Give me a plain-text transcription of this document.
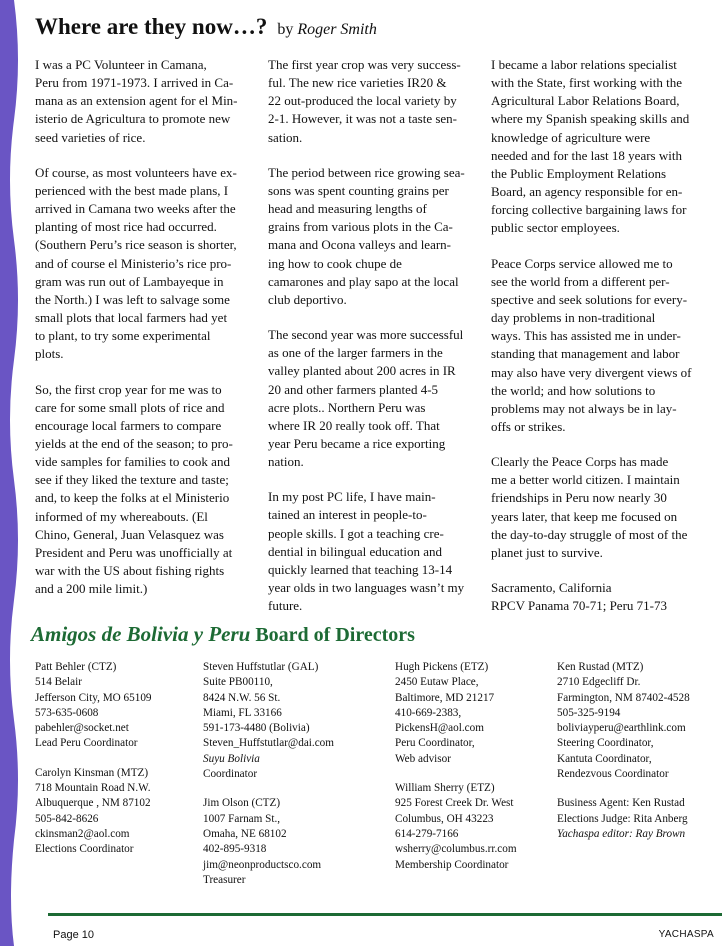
Where are they now…? by Roger Smith

I was a PC Volunteer in Camana,
Peru from 1971-1973. I arrived in Ca-
mana as an extension agent for el Min-
isterio de Agricultura to promote new
seed varieties of rice.

Of course, as most volunteers have ex-
perienced with the best made plans, I
arrived in Camana two weeks after the
planting of most rice had occurred.
(Southern Peru’s rice season is shorter,
and of course el Ministerio’s rice pro-
gram was run out of Lambayeque in
the North.) I was left to salvage some
small plots that local farmers had yet
to plant, to try some experimental
plots.

So, the first crop year for me was to
care for some small plots of rice and
encourage local farmers to compare
yields at the end of the season; to pro-
vide samples for families to cook and
see if they liked the texture and taste;
and, to keep the folks at el Ministerio
informed of my whereabouts. (El
Chino, General, Juan Velasquez was
President and Peru was unofficially at
war with the US about fishing rights
and a 200 mile limit.)

The first year crop was very success-
ful. The new rice varieties IR20 &
22 out-produced the local variety by
2-1. However, it was not a taste sen-
sation.

The period between rice growing sea-
sons was spent counting grains per
head and measuring lengths of
grains from various plots in the Ca-
mana and Ocona valleys and learn-
ing how to cook chupe de
camarones and play sapo at the local
club deportivo.

The second year was more successful
as one of the larger farmers in the
valley planted about 200 acres in IR
20 and other farmers planted 4-5
acre plots.. Northern Peru was
where IR 20 really took off. That
year Peru became a rice exporting
nation.

In my post PC life, I have main-
tained an interest in people-to-
people skills. I got a teaching cre-
dential in bilingual education and
quickly learned that teaching 13-14
year olds in two languages wasn’t my
future.

I became a labor relations specialist
with the State, first working with the
Agricultural Labor Relations Board,
where my Spanish speaking skills and
knowledge of agriculture were
needed and for the last 18 years with
the Public Employment Relations
Board, an agency responsible for en-
forcing collective bargaining laws for
public sector employees.

Peace Corps service allowed me to
see the world from a different per-
spective and seek solutions for every-
day problems in non-traditional
ways. This has assisted me in under-
standing that management and labor
may also have very divergent views of
the world; and how solutions to
problems may not always be in lay-
offs or strikes.

Clearly the Peace Corps has made
me a better world citizen. I maintain
friendships in Peru now nearly 30
years later, that keep me focused on
the day-to-day struggle of most of the
planet just to survive.

Sacramento, California
RPCV Panama 70-71; Peru 71-73

Amigos de Bolivia y Peru Board of Directors
Patt Behler (CTZ)
514 Belair
Jefferson City, MO 65109
573-635-0608
pabehler@socket.net
Lead Peru Coordinator
Carolyn Kinsman (MTZ)
718 Mountain Road N.W.
Albuquerque , NM 87102
505-842-8626
ckinsman2@aol.com
Elections Coordinator
Steven Huffstutlar (GAL)
Suite PB00110,
8424 N.W. 56 St.
Miami, FL 33166
591-173-4480 (Bolivia)
Steven_Huffstutlar@dai.com
Suyu Bolivia
Coordinator
Jim Olson (CTZ)
1007 Farnam St.,
Omaha, NE 68102
402-895-9318
jim@neonproductsco.com
Treasurer
Hugh Pickens (ETZ)
2450 Eutaw Place,
Baltimore, MD 21217
410-669-2383,
PickensH@aol.com
Peru Coordinator,
Web advisor
William Sherry (ETZ)
925 Forest Creek Dr. West
Columbus, OH 43223
614-279-7166
wsherry@columbus.rr.com
Membership Coordinator
Ken Rustad (MTZ)
2710 Edgecliff Dr.
Farmington, NM 87402-4528
505-325-9194
boliviayperu@earthlink.com
Steering Coordinator,
Kantuta Coordinator,
Rendezvous Coordinator
Business Agent: Ken Rustad
Elections Judge: Rita Anberg
Yachaspa editor: Ray Brown
Page 10	YACHASPA
